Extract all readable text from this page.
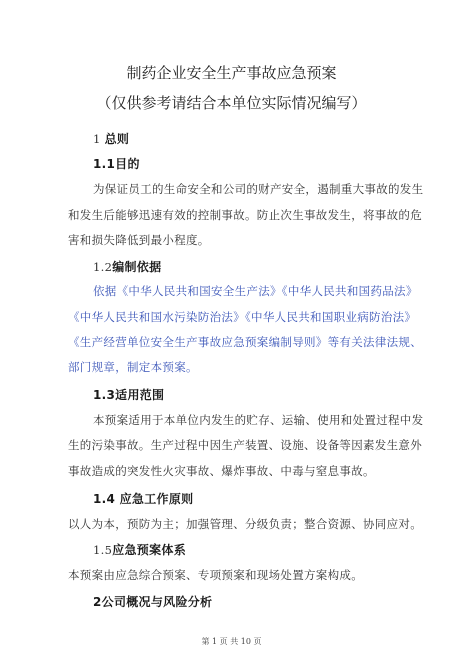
制药企业安全生产事故应急预案
（仅供参考请结合本单位实际情况编写）
1 总则
1.1目的
为保证员工的生命安全和公司的财产安全，遏制重大事故的发生
和发生后能够迅速有效的控制事故。防止次生事故发生，将事故的危
害和损失降低到最小程度。
1.2编制依据
依据《中华人民共和国安全生产法》《中华人民共和国药品法》
《中华人民共和国水污染防治法》《中华人民共和国职业病防治法》
《生产经营单位安全生产事故应急预案编制导则》等有关法律法规、
部门规章，制定本预案。
1.3适用范围
本预案适用于本单位内发生的贮存、运输、使用和处置过程中发
生的污染事故。生产过程中因生产装置、设施、设备等因素发生意外
事故造成的突发性火灾事故、爆炸事故、中毒与窒息事故。
1.4 应急工作原则
以人为本，预防为主；加强管理、分级负责；整合资源、协同应对。
1.5应急预案体系
本预案由应急综合预案、专项预案和现场处置方案构成。
2公司概况与风险分析
第 1 页 共 10 页
